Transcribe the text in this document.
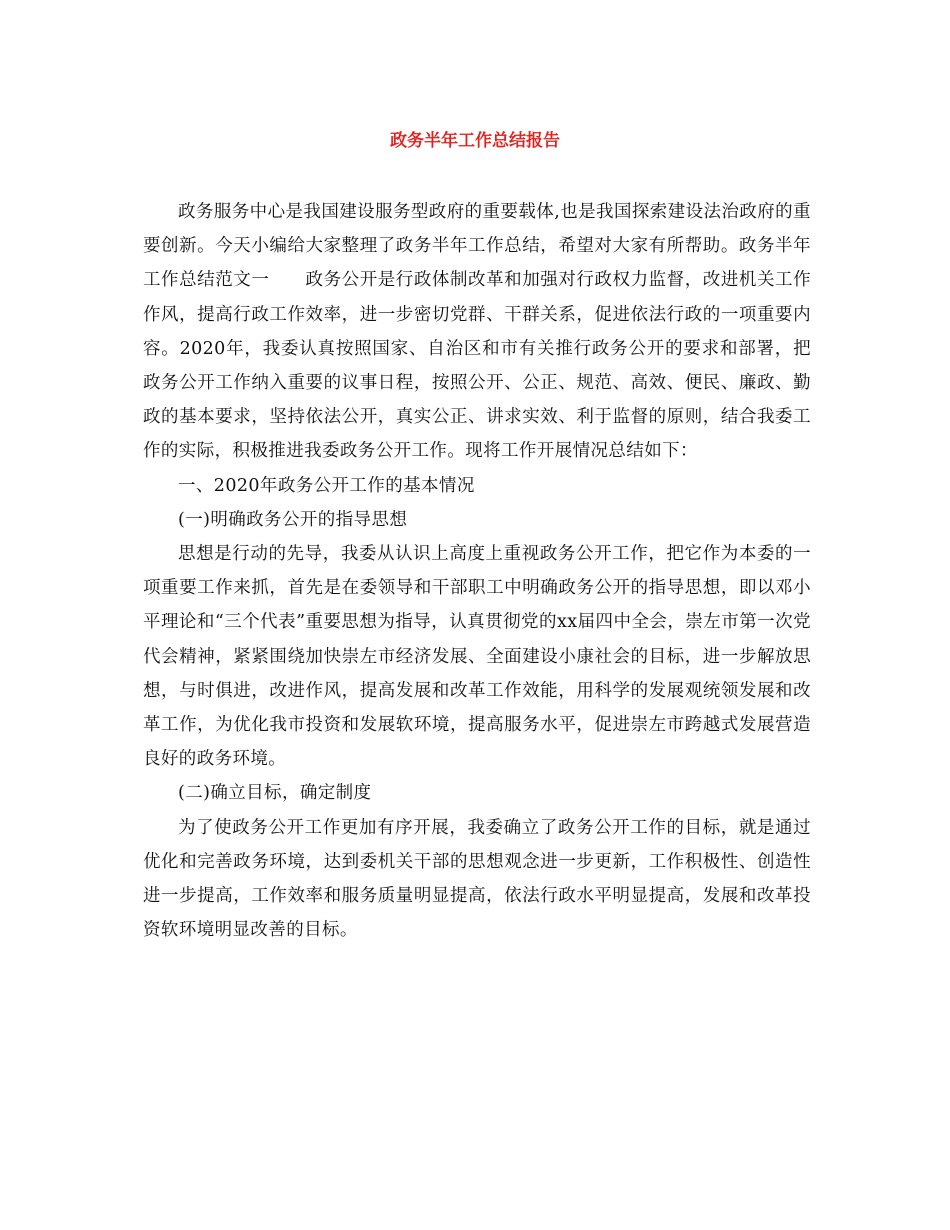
政务半年工作总结报告

政务服务中心是我国建设服务型政府的重要载体,也是我国探索建设法治政府的重要创新。今天小编给大家整理了政务半年工作总结，希望对大家有所帮助。政务半年工作总结范文一　　政务公开是行政体制改革和加强对行政权力监督，改进机关工作作风，提高行政工作效率，进一步密切党群、干群关系，促进依法行政的一项重要内容。2020年，我委认真按照国家、自治区和市有关推行政务公开的要求和部署，把政务公开工作纳入重要的议事日程，按照公开、公正、规范、高效、便民、廉政、勤政的基本要求，坚持依法公开，真实公正、讲求实效、利于监督的原则，结合我委工作的实际，积极推进我委政务公开工作。现将工作开展情况总结如下：

一、2020年政务公开工作的基本情况

(一)明确政务公开的指导思想

思想是行动的先导，我委从认识上高度上重视政务公开工作，把它作为本委的一项重要工作来抓，首先是在委领导和干部职工中明确政务公开的指导思想，即以邓小平理论和“三个代表”重要思想为指导，认真贯彻党的xx届四中全会，崇左市第一次党代会精神，紧紧围绕加快崇左市经济发展、全面建设小康社会的目标，进一步解放思想，与时俱进，改进作风，提高发展和改革工作效能，用科学的发展观统领发展和改革工作，为优化我市投资和发展软环境，提高服务水平，促进崇左市跨越式发展营造良好的政务环境。

(二)确立目标，确定制度

为了使政务公开工作更加有序开展，我委确立了政务公开工作的目标，就是通过优化和完善政务环境，达到委机关干部的思想观念进一步更新，工作积极性、创造性进一步提高，工作效率和服务质量明显提高，依法行政水平明显提高，发展和改革投资软环境明显改善的目标。
